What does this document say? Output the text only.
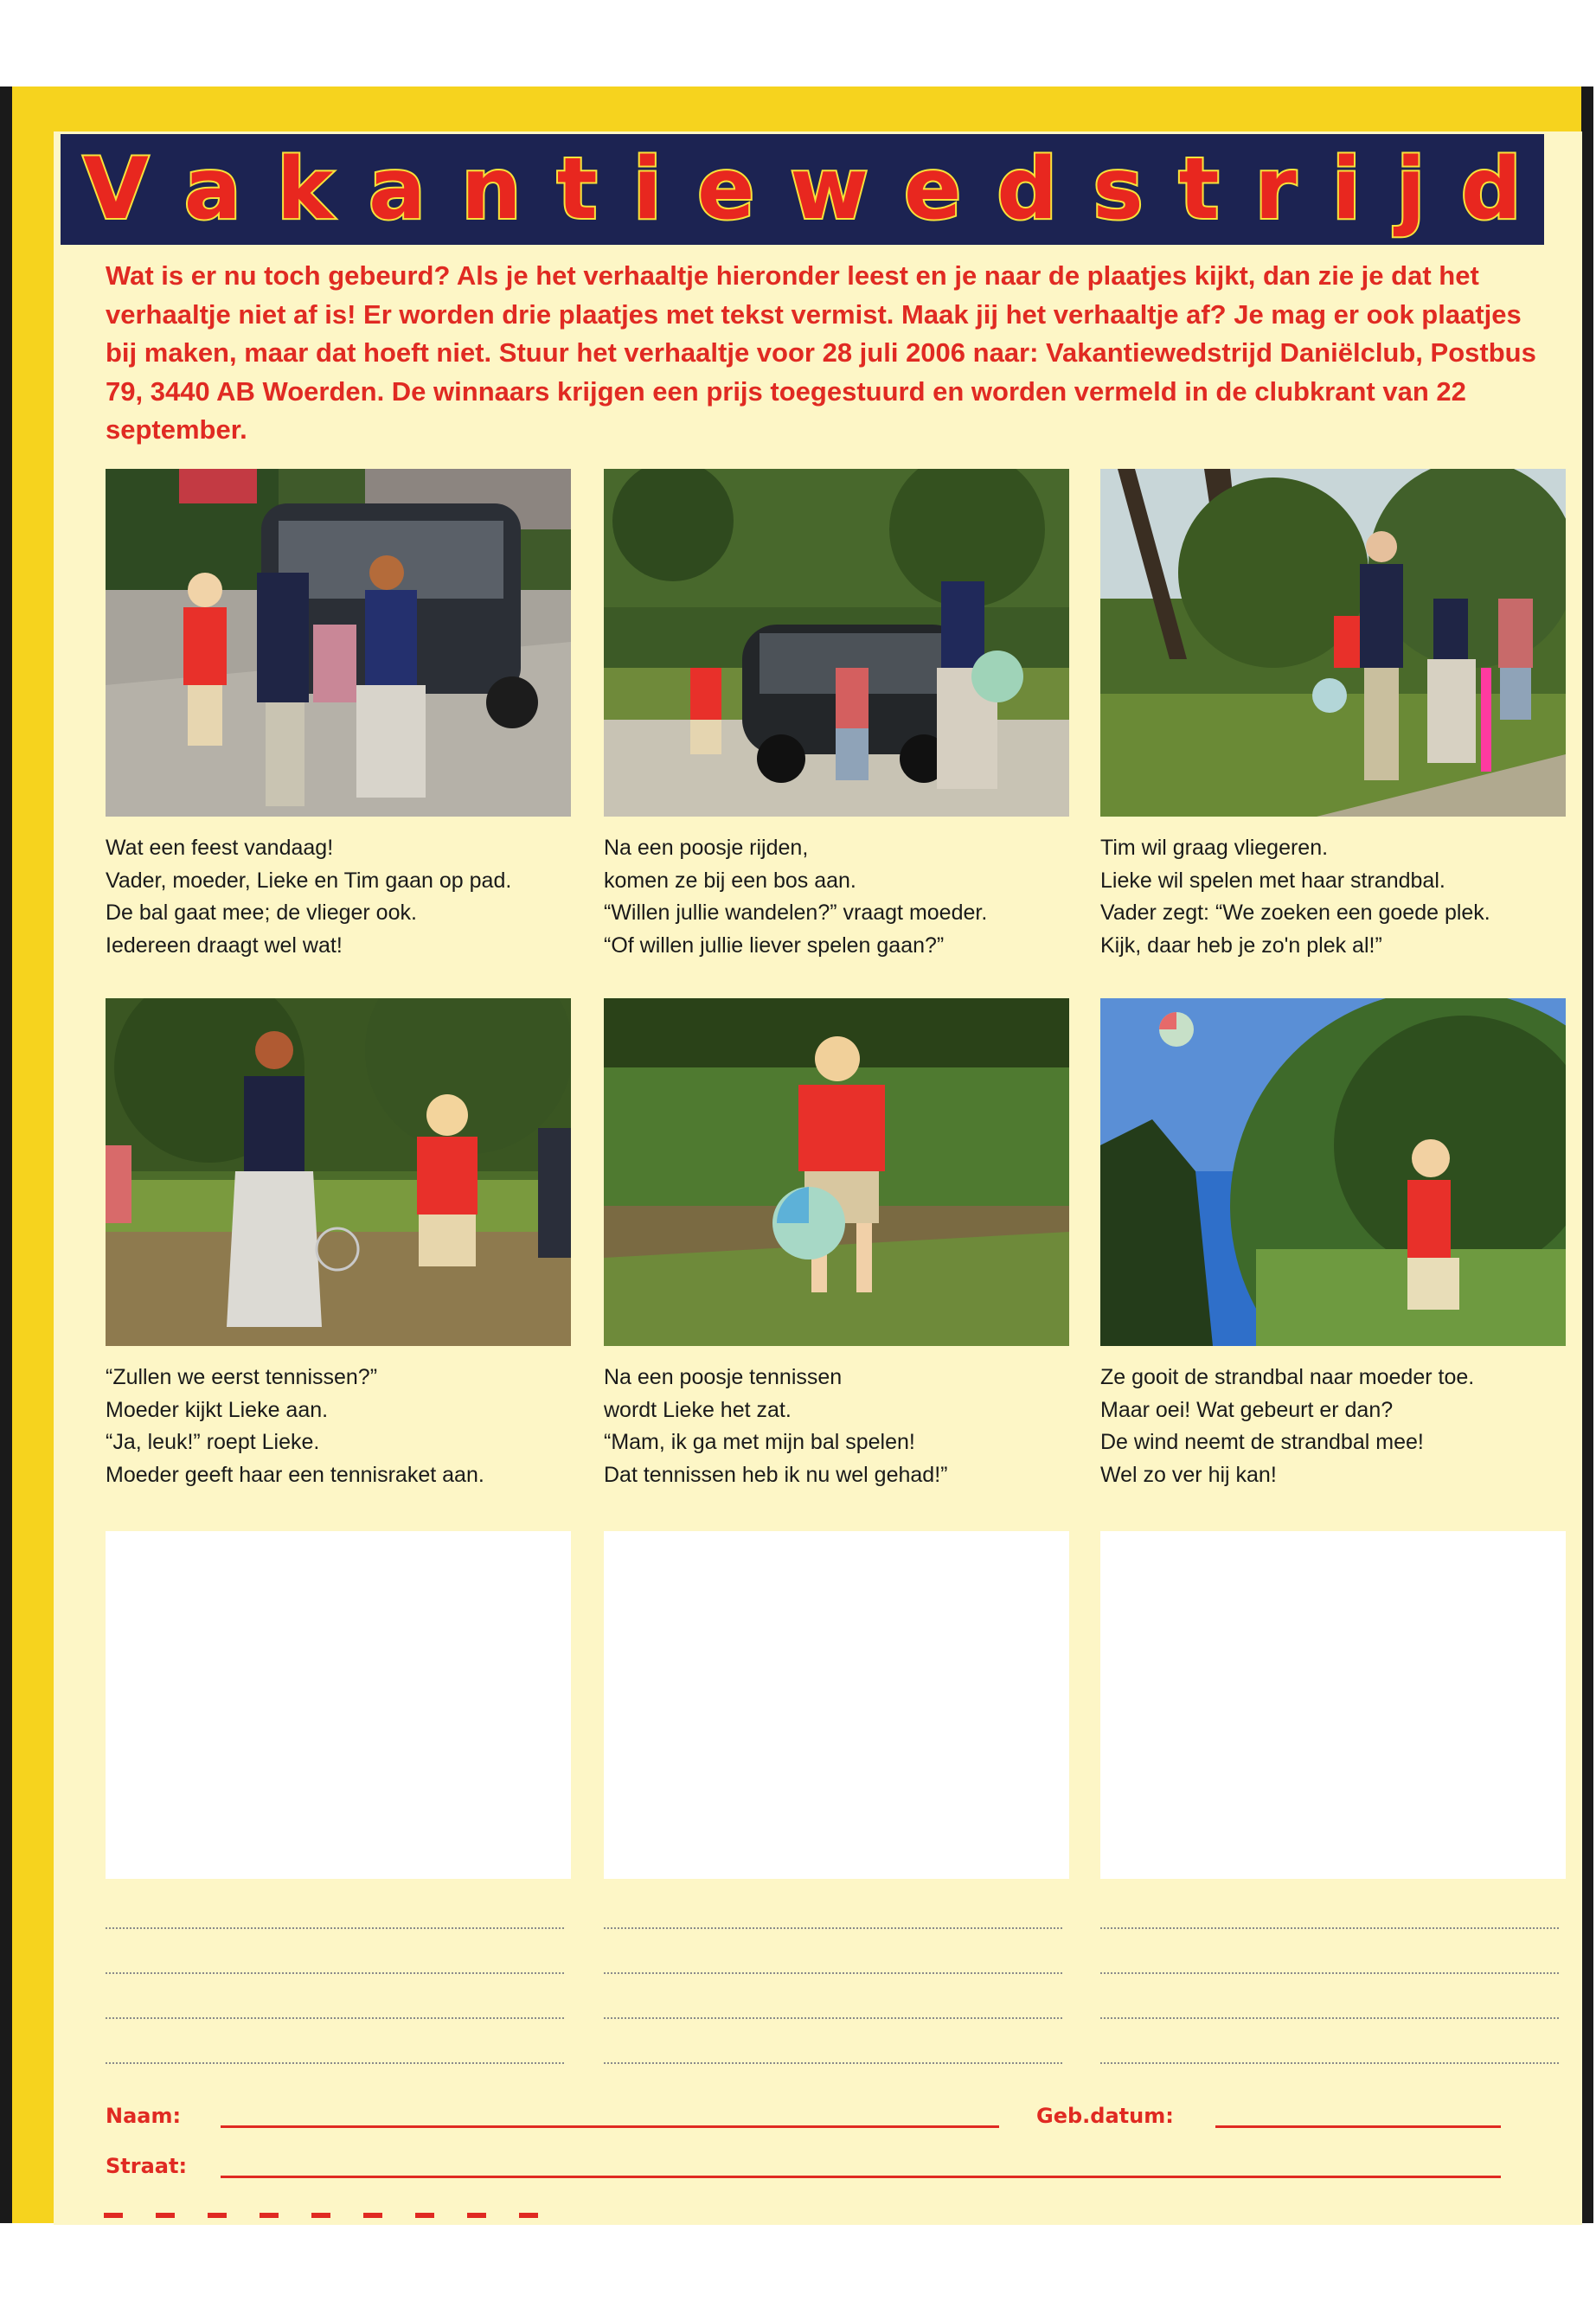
V a k a n t i e w e d s t r i j d

Wat is er nu toch gebeurd? Als je het verhaaltje hieronder leest en je naar de plaatjes kijkt, dan zie je dat het verhaaltje niet af is! Er worden drie plaatjes met tekst vermist. Maak jij het verhaaltje af? Je mag er ook plaatjes bij maken, maar dat hoeft niet. Stuur het verhaaltje voor 28 juli 2006 naar: Vakantiewedstrijd Daniëlclub, Postbus 79, 3440 AB Woerden. De winnaars krijgen een prijs toegestuurd en worden vermeld in de clubkrant van 22 september.

Wat een feest vandaag!
Vader, moeder, Lieke en Tim gaan op pad.
De bal gaat mee; de vlieger ook.
Iedereen draagt wel wat!
Na een poosje rijden,
komen ze bij een bos aan.
“Willen jullie wandelen?” vraagt moeder.
“Of willen jullie liever spelen gaan?”
Tim wil graag vliegeren.
Lieke wil spelen met haar strandbal.
Vader zegt: “We zoeken een goede plek.
Kijk, daar heb je zo'n plek al!”
“Zullen we eerst tennissen?”
Moeder kijkt Lieke aan.
“Ja, leuk!” roept Lieke.
Moeder geeft haar een tennisraket aan.
Na een poosje tennissen
wordt Lieke het zat.
“Mam, ik ga met mijn bal spelen!
Dat tennissen heb ik nu wel gehad!”
Ze gooit de strandbal naar moeder toe.
Maar oei! Wat gebeurt er dan?
De wind neemt de strandbal mee!
Wel zo ver hij kan!
Naam:	Geb.datum:
Straat:
